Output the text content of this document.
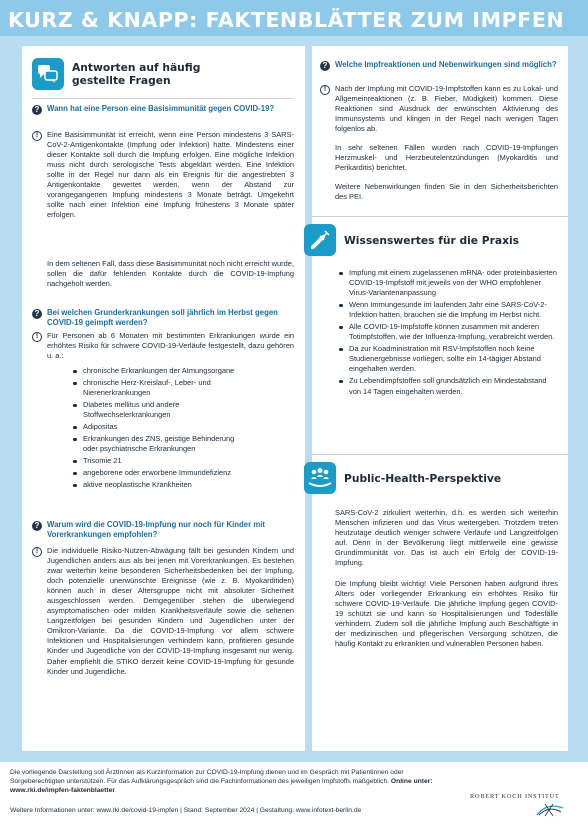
KURZ & KNAPP: FAKTENBLÄTTER ZUM IMPFEN
Antworten auf häufig gestellte Fragen
? Wann hat eine Person eine Basisimmunität gegen COVID-19?
!	Eine Basisimmunität ist erreicht, wenn eine Person mindestens 3 SARS-CoV-2-Antigenkontakte (Impfung oder Infektion) hatte. Mindestens einer dieser Kontakte soll durch die Impfung erfolgen. Eine mögliche Infektion muss nicht durch serologische Tests abgeklärt werden. Eine Infektion sollte in der Regel nur dann als ein Ereignis für die angestrebten 3 Antigenkontakte gewertet werden, wenn der Abstand zur vorangegangenen Impfung mindestens 3 Monate beträgt. Umgekehrt sollte nach einer Infektion eine Impfung frühestens 3 Monate später erfolgen.
In dem seltenen Fall, dass diese Basisimmunität noch nicht erreicht wurde, sollen die dafür fehlenden Kontakte durch die COVID-19-Impfung nachgeholt werden.
? Bei welchen Grunderkrankungen soll jährlich im Herbst gegen COVID-19 geimpft werden?
!	Für Personen ab 6 Monaten mit bestimmten Erkrankungen wurde ein erhöhtes Risiko für schwere COVID-19-Verläufe festgestellt, dazu gehören u. a.:
chronische Erkrankungen der Atmungsorgane
chronische Herz-Kreislauf-, Leber- und Nierenerkrankungen
Diabetes mellitus und andere Stoffwechselerkrankungen
Adipositas
Erkrankungen des ZNS, geistige Behinderung oder psychiatrische Erkrankungen
Trisomie 21
angeborene oder erworbene Immundefizienz
aktive neoplastische Krankheiten
? Warum wird die COVID-19-Impfung nur noch für Kinder mit Vorerkrankungen empfohlen?
!	Die individuelle Risiko-Nutzen-Abwägung fällt bei gesunden Kindern und Jugendlichen anders aus als bei jenen mit Vorerkrankungen. Es bestehen zwar weiterhin keine besonderen Sicherheitsbedenken bei der Impfung, doch potenzielle unerwünschte Ereignisse (wie z. B. Myokarditiden) können auch in dieser Altersgruppe nicht mit absoluter Sicherheit ausgeschlossen werden. Demgegenüber stehen die überwiegend asymptomatischen oder milden Krankheitsverläufe sowie die seltenen Langzeitfolgen bei gesunden Kindern und Jugendlichen unter der Omikron-Variante. Da die COVID-19-Impfung vor allem schwere Infektionen und Hospitalisierungen verhindern kann, profitieren gesunde Kinder und Jugendliche von der COVID-19-Impfung insgesamt nur wenig. Daher empfiehlt die STIKO derzeit keine COVID-19-Impfung für gesunde Kinder und Jugendliche.
? Welche Impfreaktionen und Nebenwirkungen sind möglich?
!	Nach der Impfung mit COVID-19-Impfstoffen kann es zu Lokal- und Allgemeinreaktionen (z. B. Fieber, Müdigkeit) kommen. Diese Reaktionen sind Ausdruck der erwünschten Aktivierung des Immunsystems und klingen in der Regel nach wenigen Tagen folgenlos ab.
In sehr seltenen Fällen wurden nach COVID-19-Impfungen Herzmuskel- und Herzbeutelentzündungen (Myokarditis und Perikarditis) berichtet.
Weitere Nebenwirkungen finden Sie in den Sicherheitsberichten des PEI.
Wissenswertes für die Praxis
Impfung mit einem zugelassenen mRNA- oder proteinbasierten COVID-19-Impfstoff mit jeweils von der WHO empfohlener Virus-Variantenanpassung
Wenn Immungesunde im laufenden Jahr eine SARS-CoV-2-Infektion hatten, brauchen sie die Impfung im Herbst nicht.
Alle COVID-19-Impfstoffe können zusammen mit anderen Totimpfstoffen, wie der Influenza-Impfung, verabreicht werden.
Da zur Koadministration mit RSV-Impfstoffen noch keine Studienergebnisse vorliegen, sollte ein 14-tägiger Abstand eingehalten werden.
Zu Lebendimpfstoffen soll grundsätzlich ein Mindestabstand von 14 Tagen eingehalten werden.
Public-Health-Perspektive
SARS-CoV-2 zirkuliert weiterhin, d.h. es werden sich weiterhin Menschen infizieren und das Virus weitergeben. Trotzdem treten heutzutage deutlich weniger schwere Verläufe und Langzeitfolgen auf. Denn in der Bevölkerung liegt mittlerweile eine gewisse Grundimmunität vor. Das ist auch ein Erfolg der COVID-19-Impfung.
Die Impfung bleibt wichtig! Viele Personen haben aufgrund ihres Alters oder vorliegender Erkrankung ein erhöhtes Risiko für schwere COVID-19-Verläufe. Die jährliche Impfung gegen COVID-19 schützt sie und kann so Hospitalisierungen und Todesfälle verhindern. Zudem soll die jährliche Impfung auch Beschäftigte in der medizinischen und pflegerischen Versorgung schützen, die häufig Kontakt zu erkrankten und vulnerablen Personen haben.
Die vorliegende Darstellung soll ÄrztInnen als Kurzinformation zur COVID-19-Impfung dienen und im Gespräch mit Patientinnen oder Sorgeberechtigten unterstützen. Für das Aufklärungsgespräch sind die Fachinformationen des jeweiligen Impfstoffs maßgeblich. Online unter: www.rki.de/impfen-faktenblaetter
Weitere Informationen unter: www.rki.de/covid-19-impfen | Stand: September 2024 | Gestaltung: www.infotext-berlin.de
ROBERT KOCH INSTITUT
